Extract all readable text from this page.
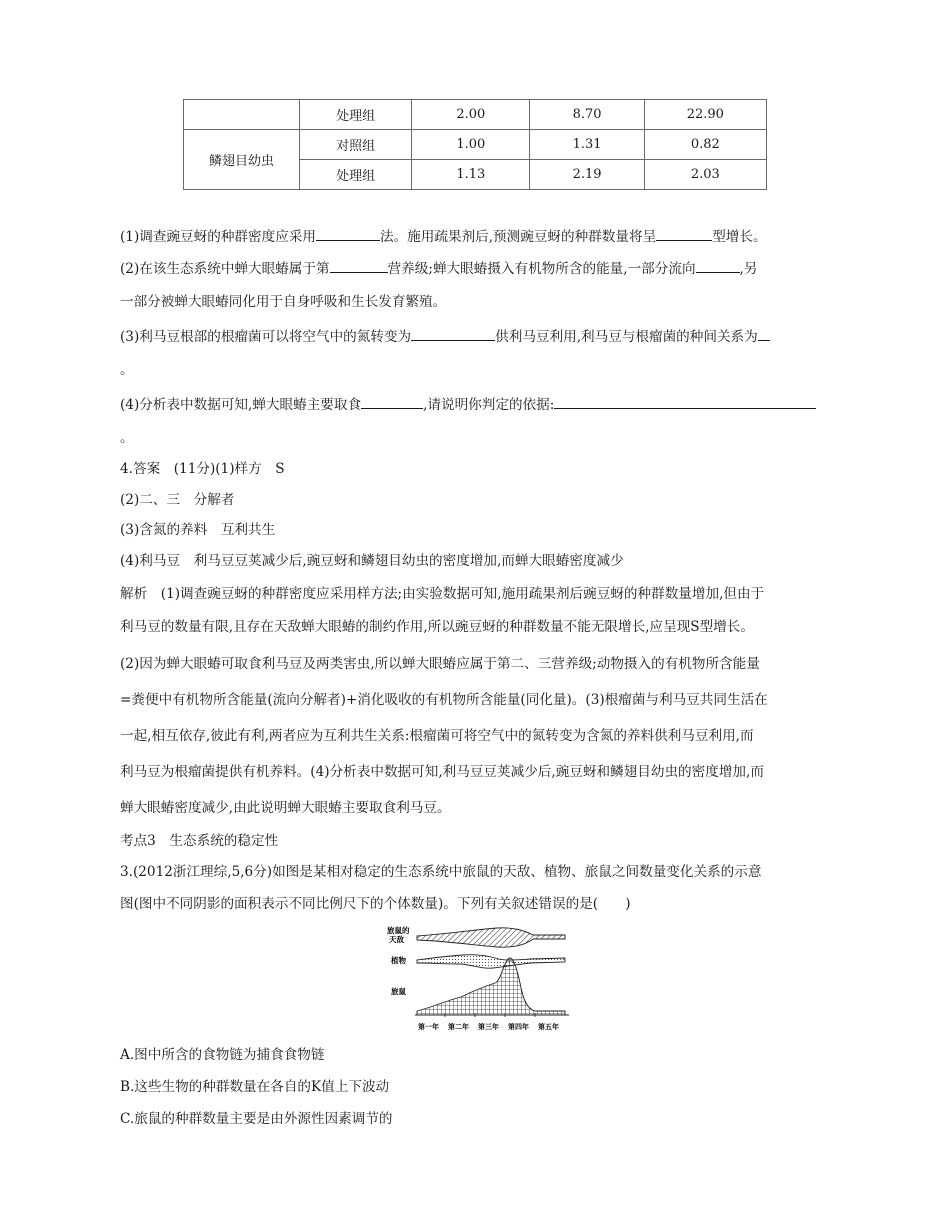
	处理组	2.00	8.70	22.90
鳞翅目幼虫	对照组	1.00	1.31	0.82
	处理组	1.13	2.19	2.03
(1)调查豌豆蚜的种群密度应采用	法。施用疏果剂后,预测豌豆蚜的种群数量将呈	型增长。
(2)在该生态系统中蝉大眼蝽属于第	营养级;蝉大眼蝽摄入有机物所含的能量,一部分流向	,另
一部分被蝉大眼蝽同化用于自身呼吸和生长发育繁殖。
(3)利马豆根部的根瘤菌可以将空气中的氮转变为	供利马豆利用,利马豆与根瘤菌的种间关系为
。
(4)分析表中数据可知,蝉大眼蝽主要取食	,请说明你判定的依据:
。
4.答案　(11分)(1)样方　S
(2)二、三　分解者
(3)含氮的养料　互利共生
(4)利马豆　利马豆豆荚减少后,豌豆蚜和鳞翅目幼虫的密度增加,而蝉大眼蝽密度减少
解析　(1)调查豌豆蚜的种群密度应采用样方法;由实验数据可知,施用疏果剂后豌豆蚜的种群数量增加,但由于
利马豆的数量有限,且存在天敌蝉大眼蝽的制约作用,所以豌豆蚜的种群数量不能无限增长,应呈现S型增长。
(2)因为蝉大眼蝽可取食利马豆及两类害虫,所以蝉大眼蝽应属于第二、三营养级;动物摄入的有机物所含能量
=粪便中有机物所含能量(流向分解者)+消化吸收的有机物所含能量(同化量)。(3)根瘤菌与利马豆共同生活在
一起,相互依存,彼此有利,两者应为互利共生关系:根瘤菌可将空气中的氮转变为含氮的养料供利马豆利用,而
利马豆为根瘤菌提供有机养料。(4)分析表中数据可知,利马豆豆荚减少后,豌豆蚜和鳞翅目幼虫的密度增加,而
蝉大眼蝽密度减少,由此说明蝉大眼蝽主要取食利马豆。
考点3　生态系统的稳定性
3.(2012浙江理综,5,6分)如图是某相对稳定的生态系统中旅鼠的天敌、植物、旅鼠之间数量变化关系的示意
图(图中不同阴影的面积表示不同比例尺下的个体数量)。下列有关叙述错误的是(　　)
旅鼠的
天敌
植物
旅鼠
第一年 第二年 第三年 第四年 第五年
A.图中所含的食物链为捕食食物链
B.这些生物的种群数量在各自的K值上下波动
C.旅鼠的种群数量主要是由外源性因素调节的
